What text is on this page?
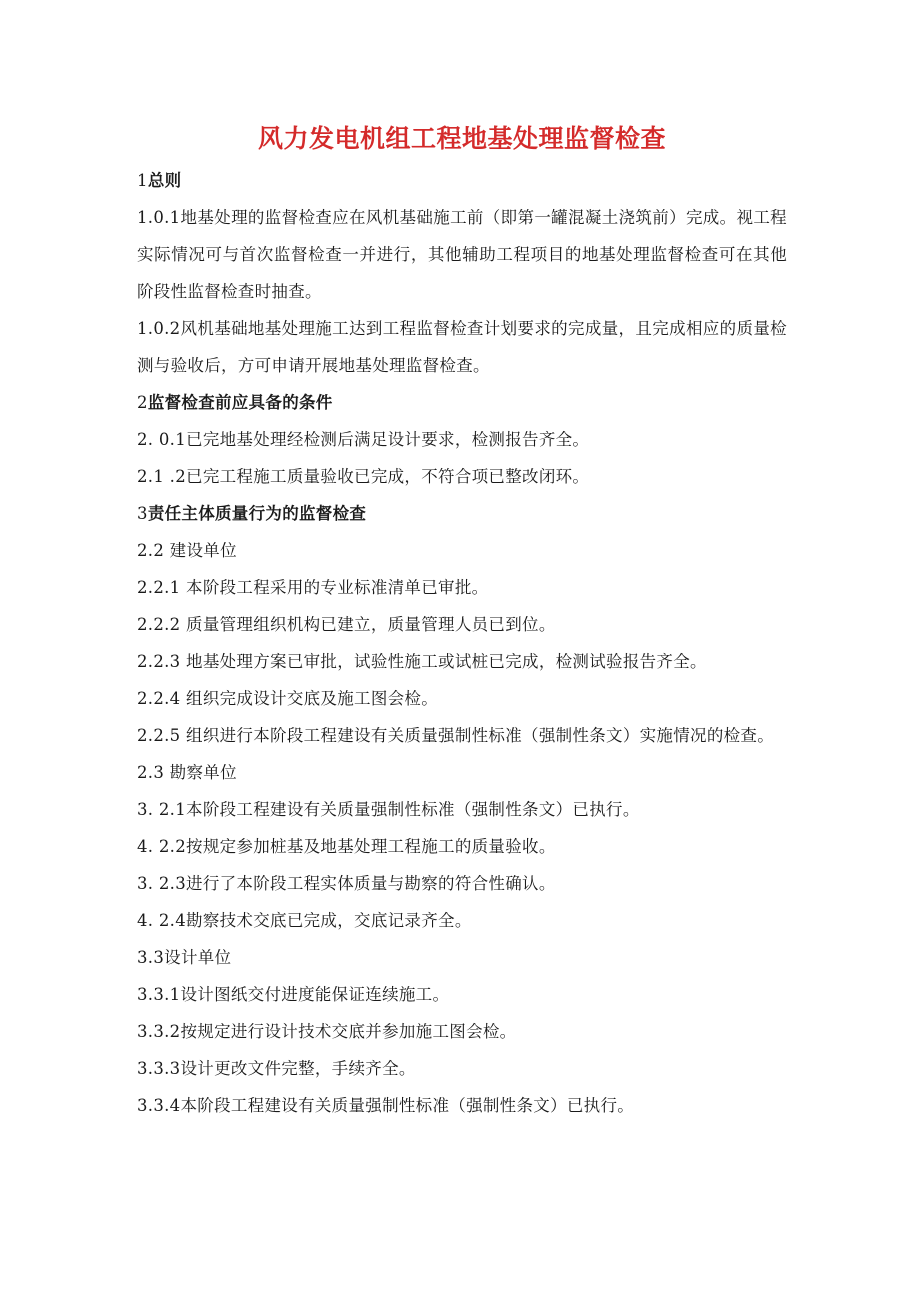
风力发电机组工程地基处理监督检查

1总则

1.0.1地基处理的监督检查应在风机基础施工前（即第一罐混凝土浇筑前）完成。视工程实际情况可与首次监督检查一并进行，其他辅助工程项目的地基处理监督检查可在其他阶段性监督检查时抽查。

1.0.2风机基础地基处理施工达到工程监督检查计划要求的完成量，且完成相应的质量检测与验收后，方可申请开展地基处理监督检查。

2监督检查前应具备的条件

2. 0.1已完地基处理经检测后满足设计要求，检测报告齐全。

2.1 .2已完工程施工质量验收已完成，不符合项已整改闭环。

3责任主体质量行为的监督检查

2.2 建设单位

2.2.1 本阶段工程采用的专业标准清单已审批。

2.2.2 质量管理组织机构已建立，质量管理人员已到位。

2.2.3 地基处理方案已审批，试验性施工或试桩已完成，检测试验报告齐全。

2.2.4 组织完成设计交底及施工图会检。

2.2.5 组织进行本阶段工程建设有关质量强制性标准（强制性条文）实施情况的检查。

2.3 勘察单位

3. 2.1本阶段工程建设有关质量强制性标准（强制性条文）已执行。

4. 2.2按规定参加桩基及地基处理工程施工的质量验收。

3. 2.3进行了本阶段工程实体质量与勘察的符合性确认。

4. 2.4勘察技术交底已完成，交底记录齐全。

3.3设计单位

3.3.1设计图纸交付进度能保证连续施工。

3.3.2按规定进行设计技术交底并参加施工图会检。

3.3.3设计更改文件完整，手续齐全。

3.3.4本阶段工程建设有关质量强制性标准（强制性条文）已执行。
